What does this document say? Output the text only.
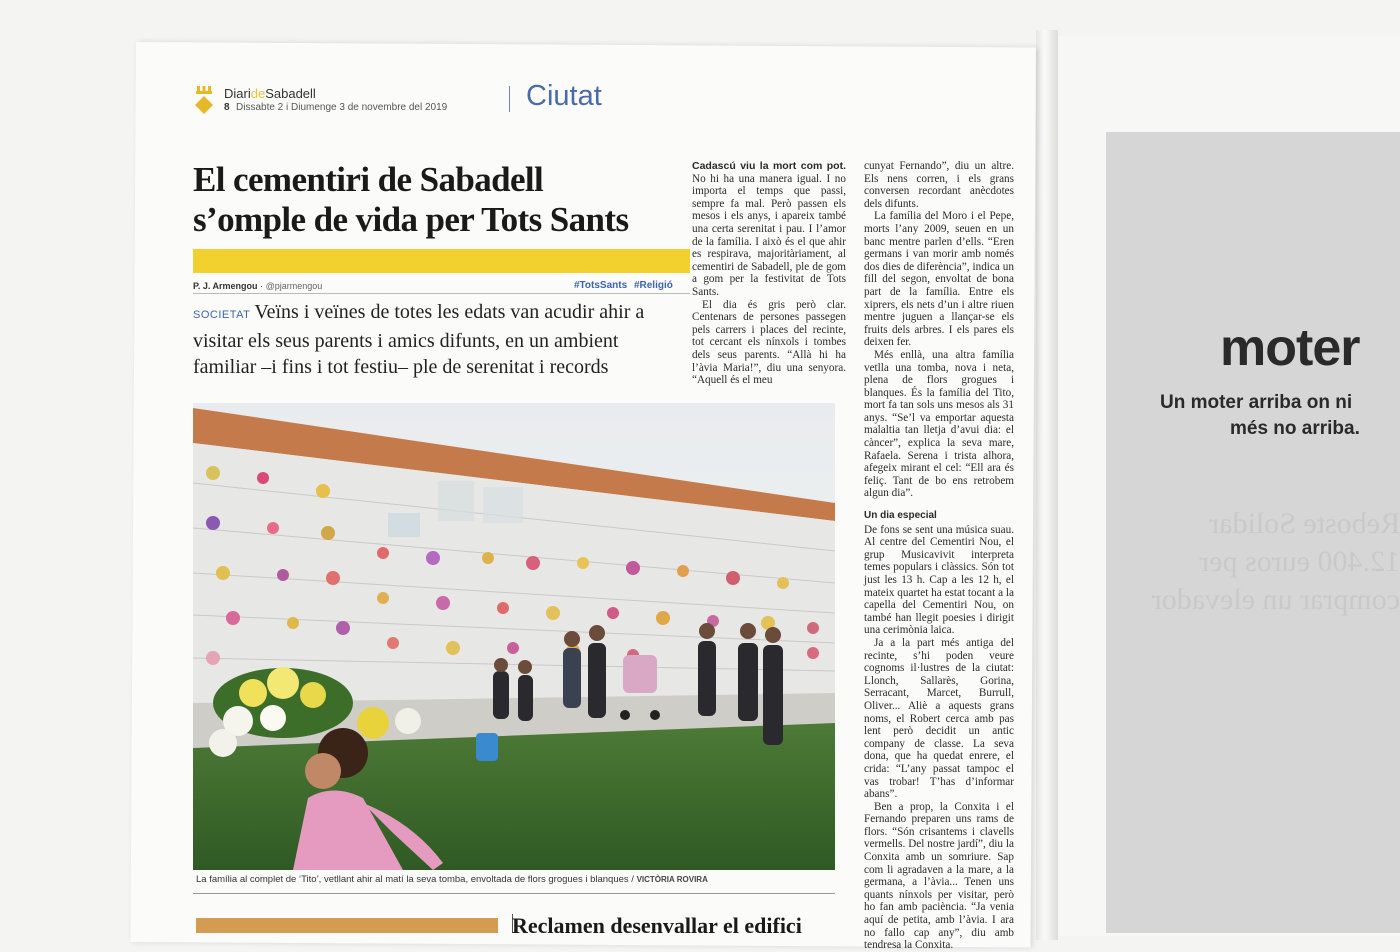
Reboste Solidar
12.400 euros per
comprar un elevador
moter
Un moter arriba on ni
més no arriba.
DiarideSabadell
8 Dissabte 2 i Diumenge 3 de novembre del 2019	Ciutat
El cementiri de Sabadell
s’omple de vida per Tots Sants
P. J. Armengou · @pjarmengou	#TotsSants #Religió
SOCIETAT Veïns i veïnes de totes les edats van acudir ahir a visitar els seus parents i amics difunts, en un ambient familiar –i fins i tot festiu– ple de serenitat i records

Cadascú viu la mort com pot. No hi ha una manera igual. I no importa el temps que passi, sempre fa mal. Però passen els mesos i els anys, i apareix també una certa serenitat i pau. I l’amor de la família. I això és el que ahir es respirava, majoritàriament, al cementiri de Sabadell, ple de gom a gom per la festivitat de Tots Sants.

El dia és gris però clar. Centenars de persones passegen pels carrers i places del recinte, tot cercant els nínxols i tombes dels seus parents. “Allà hi ha l’àvia Maria!”, diu una senyora. “Aquell és el meu

cunyat Fernando”, diu un altre. Els nens corren, i els grans conversen recordant anècdotes dels difunts.

La família del Moro i el Pepe, morts l’any 2009, seuen en un banc mentre parlen d’ells. “Eren germans i van morir amb només dos dies de diferència”, indica un fill del segon, envoltat de bona part de la família. Entre els xiprers, els nets d’un i altre riuen mentre juguen a llançar-se els fruits dels arbres. I els pares els deixen fer.

Més enllà, una altra família vetlla una tomba, nova i neta, plena de flors grogues i blanques. És la família del Tito, mort fa tan sols uns mesos als 31 anys. “Se’l va emportar aquesta malaltia tan lletja d’avui dia: el càncer”, explica la seva mare, Rafaela. Serena i trista alhora, afegeix mirant el cel: “Ell ara és feliç. Tant de bo ens retrobem algun dia”.

Un dia especial

De fons se sent una música suau. Al centre del Cementiri Nou, el grup Musicavivit interpreta temes populars i clàssics. Són tot just les 13 h. Cap a les 12 h, el mateix quartet ha estat tocant a la capella del Cementiri Nou, on també han llegit poesies i dirigit una cerimònia laica.

Ja a la part més antiga del recinte, s’hi poden veure cognoms il·lustres de la ciutat: Llonch, Sallarès, Gorina, Serracant, Marcet, Burrull, Oliver... Aliè a aquests grans noms, el Robert cerca amb pas lent però decidit un antic company de classe. La seva dona, que ha quedat enrere, el crida: “L’any passat tampoc el vas trobar! T’has d’informar abans”.

Ben a prop, la Conxita i el Fernando preparen uns rams de flors. “Són crisantems i clavells vermells. Del nostre jardí”, diu la Conxita amb un somriure. Sap com li agradaven a la mare, a la germana, a l’àvia... Tenen uns quants nínxols per visitar, però ho fan amb paciència. “Ja venia aquí de petita, amb l’àvia. I ara no fallo cap any”, diu amb tendresa la Conxita.

La família al complet de ‘Tito’, vetllant ahir al matí la seva tomba, envoltada de flors grogues i blanques / VICTÒRIA ROVIRA
Reclamen desenvallar el edifici
